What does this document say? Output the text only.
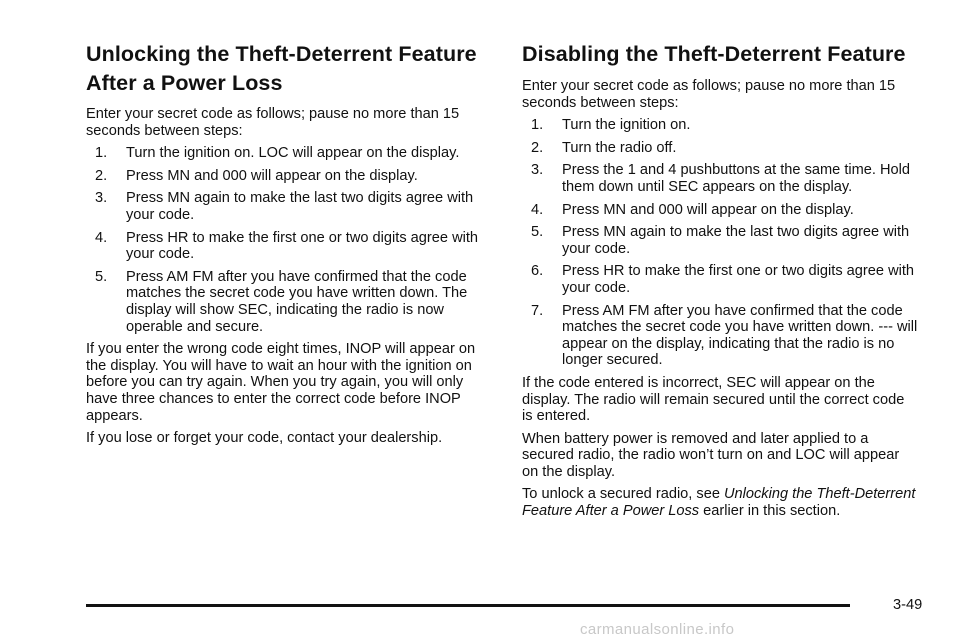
Unlocking the Theft-Deterrent Feature After a Power Loss

Enter your secret code as follows; pause no more than 15 seconds between steps:

1. Turn the ignition on. LOC will appear on the display.
2. Press MN and 000 will appear on the display.
3. Press MN again to make the last two digits agree with your code.
4. Press HR to make the first one or two digits agree with your code.
5. Press AM FM after you have confirmed that the code matches the secret code you have written down. The display will show SEC, indicating the radio is now operable and secure.

If you enter the wrong code eight times, INOP will appear on the display. You will have to wait an hour with the ignition on before you can try again. When you try again, you will only have three chances to enter the correct code before INOP appears.

If you lose or forget your code, contact your dealership.

Disabling the Theft-Deterrent Feature

Enter your secret code as follows; pause no more than 15 seconds between steps:

1. Turn the ignition on.
2. Turn the radio off.
3. Press the 1 and 4 pushbuttons at the same time. Hold them down until SEC appears on the display.
4. Press MN and 000 will appear on the display.
5. Press MN again to make the last two digits agree with your code.
6. Press HR to make the first one or two digits agree with your code.
7. Press AM FM after you have confirmed that the code matches the secret code you have written down. --- will appear on the display, indicating that the radio is no longer secured.

If the code entered is incorrect, SEC will appear on the display. The radio will remain secured until the correct code is entered.

When battery power is removed and later applied to a secured radio, the radio won’t turn on and LOC will appear on the display.

To unlock a secured radio, see Unlocking the Theft-Deterrent Feature After a Power Loss earlier in this section.

3-49
carmanualsonline.info
